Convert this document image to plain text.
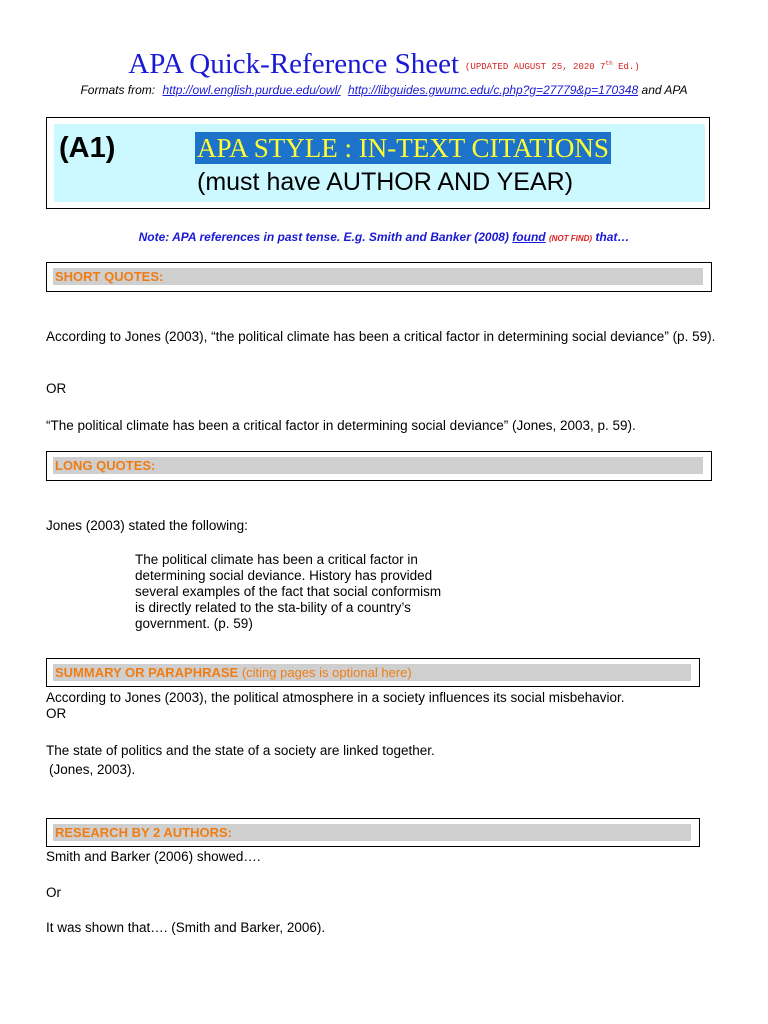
APA Quick-Reference Sheet $^{(UPDATED AUGUST 25, 2020 7^{th} Ed.)}$
Formats from: http://owl.english.purdue.edu/owl/ http://libguides.gwumc.edu/c.php?g=27779&p=170348 and APA
(A1)	APA STYLE : IN-TEXT CITATIONS
(must have AUTHOR AND YEAR)
Note: APA references in past tense. E.g. Smith and Banker (2008) found (NOT FIND) that…
SHORT QUOTES:
According to Jones (2003), “the political climate has been a critical factor in determining social deviance” (p. 59).
OR
“The political climate has been a critical factor in determining social deviance” (Jones, 2003, p. 59).
LONG QUOTES:
Jones (2003) stated the following:
The political climate has been a critical factor in determining social deviance. History has provided several examples of the fact that social conformism is directly related to the sta-bility of a country’s government. (p. 59)
SUMMARY OR PARAPHRASE (citing pages is optional here)
According to Jones (2003), the political atmosphere in a society influences its social misbehavior.
OR
The state of politics and the state of a society are linked together.
(Jones, 2003).
RESEARCH BY 2 AUTHORS:
Smith and Barker (2006) showed….
Or
It was shown that…. (Smith and Barker, 2006).
